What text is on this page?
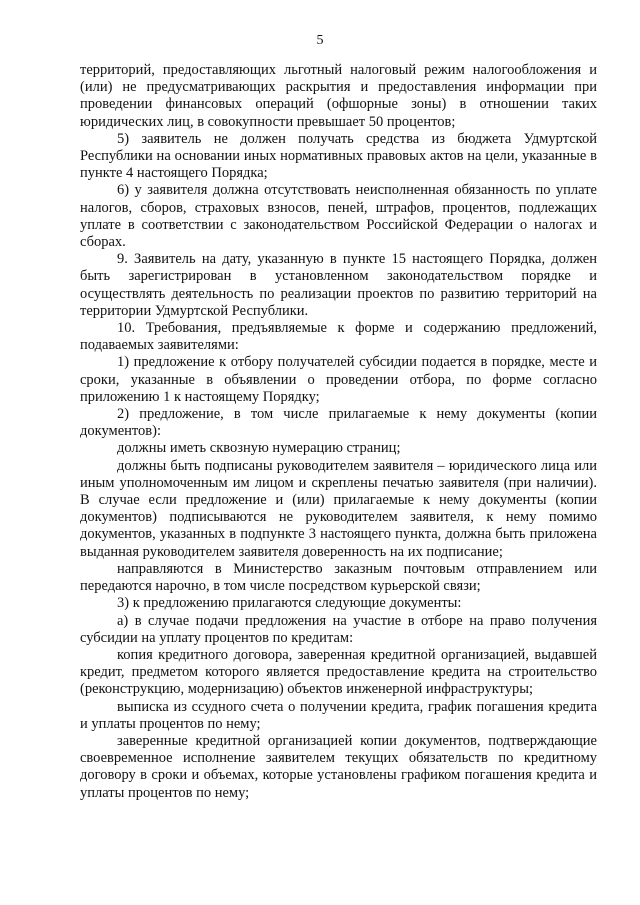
5

территорий, предоставляющих льготный налоговый режим налогообложения и (или) не предусматривающих раскрытия и предоставления информации при проведении финансовых операций (офшорные зоны) в отношении таких юридических лиц, в совокупности превышает 50 процентов;

5) заявитель не должен получать средства из бюджета Удмуртской Республики на основании иных нормативных правовых актов на цели, указанные в пункте 4 настоящего Порядка;

6) у заявителя должна отсутствовать неисполненная обязанность по уплате налогов, сборов, страховых взносов, пеней, штрафов, процентов, подлежащих уплате в соответствии с законодательством Российской Федерации о налогах и сборах.

9. Заявитель на дату, указанную в пункте 15 настоящего Порядка, должен быть зарегистрирован в установленном законодательством порядке и осуществлять деятельность по реализации проектов по развитию территорий на территории Удмуртской Республики.

10. Требования, предъявляемые к форме и содержанию предложений, подаваемых заявителями:

1) предложение к отбору получателей субсидии подается в порядке, месте и сроки, указанные в объявлении о проведении отбора, по форме согласно приложению 1 к настоящему Порядку;

2) предложение, в том числе прилагаемые к нему документы (копии документов):

должны иметь сквозную нумерацию страниц;

должны быть подписаны руководителем заявителя – юридического лица или иным уполномоченным им лицом и скреплены печатью заявителя (при наличии). В случае если предложение и (или) прилагаемые к нему документы (копии документов) подписываются не руководителем заявителя, к нему помимо документов, указанных в подпункте 3 настоящего пункта, должна быть приложена выданная руководителем заявителя доверенность на их подписание;

направляются в Министерство заказным почтовым отправлением или передаются нарочно, в том числе посредством курьерской связи;

3) к предложению прилагаются следующие документы:

а) в случае подачи предложения на участие в отборе на право получения субсидии на уплату процентов по кредитам:

копия кредитного договора, заверенная кредитной организацией, выдавшей кредит, предметом которого является предоставление кредита на строительство (реконструкцию, модернизацию) объектов инженерной инфраструктуры;

выписка из ссудного счета о получении кредита, график погашения кредита и уплаты процентов по нему;

заверенные кредитной организацией копии документов, подтверждающие своевременное исполнение заявителем текущих обязательств по кредитному договору в сроки и объемах, которые установлены графиком погашения кредита и уплаты процентов по нему;
